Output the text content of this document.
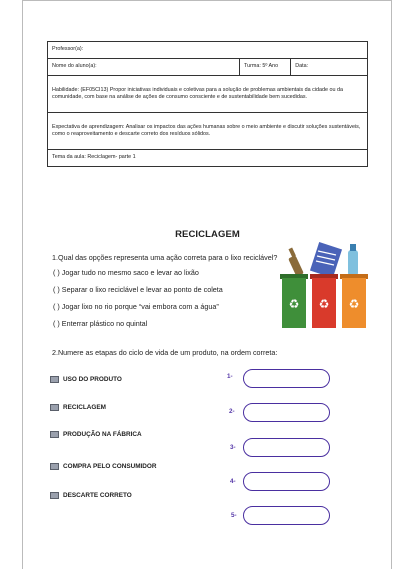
Professor(a):
Nome do aluno(a):	Turma: 5º Ano	Data:
Habilidade: (EF05CI13) Propor iniciativas individuais e coletivas para a solução de problemas ambientais da cidade ou da comunidade, com base na análise de ações de consumo consciente e de sustentabilidade bem sucedidas.
Expectativa de aprendizagem: Analisar os impactos das ações humanas sobre o meio ambiente e discutir soluções sustentáveis, como o reaproveitamento e descarte correto dos resíduos sólidos.
Tema da aula: Reciclagem- parte 1
RECICLAGEM
1.Qual das opções representa uma ação correta para o lixo reciclável?
( ) Jogar tudo no mesmo saco e levar ao lixão
( ) Separar o lixo reciclável e levar ao ponto de coleta
( ) Jogar lixo no rio porque “vai embora com a água”
( ) Enterrar plástico no quintal
♻ ♻ ♻
2.Numere as etapas do ciclo de vida de um produto, na ordem correta:
USO DO PRODUTO
RECICLAGEM
PRODUÇÃO NA FÁBRICA
COMPRA PELO CONSUMIDOR
DESCARTE CORRETO
1-
2-
3-
4-
5-
